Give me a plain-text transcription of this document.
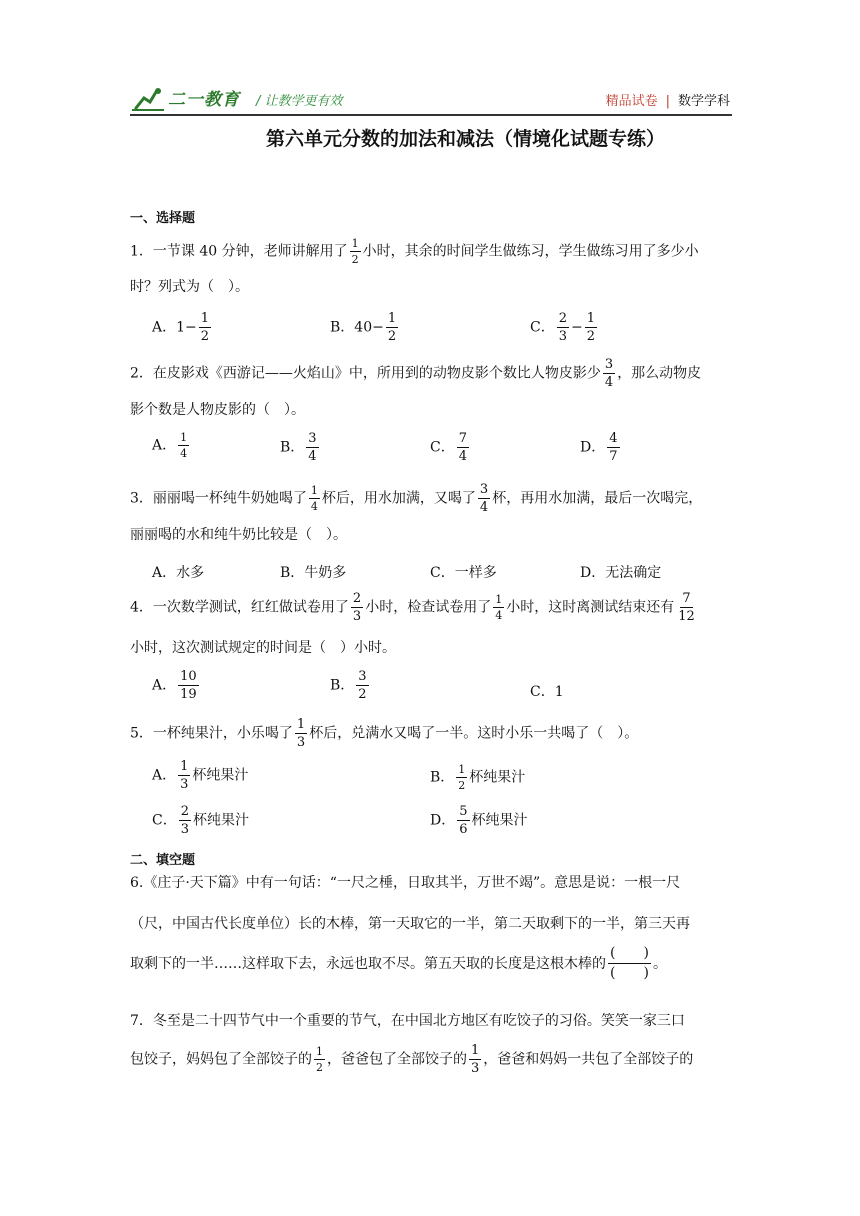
二一教育 / 让教学更有效	精品试卷 | 数学学科
第六单元分数的加法和减法（情境化试题专练）
一、选择题
1．一节课 40 分钟，老师讲解用了 $\frac{1}{2}$ 小时，其余的时间学生做练习，学生做练习用了多少小
时？列式为（　）。
A．$1- \frac{1}{2}$	B．$40- \frac{1}{2}$	C． $\frac{2}{3} - \frac{1}{2}$
2．在皮影戏《西游记——火焰山》中，所用到的动物皮影个数比人物皮影少 $\frac{3}{4}$ ，那么动物皮
影个数是人物皮影的（　）。
A． $\frac{1}{4}$	B． $\frac{3}{4}$	C． $\frac{7}{4}$	D． $\frac{4}{7}$
3．丽丽喝一杯纯牛奶她喝了 $\frac{1}{4}$ 杯后，用水加满，又喝了 $\frac{3}{4}$ 杯，再用水加满，最后一次喝完，
丽丽喝的水和纯牛奶比较是（　）。
A．水多	B．牛奶多	C．一样多	D．无法确定
4．一次数学测试，红红做试卷用了 $\frac{2}{3}$ 小时，检查试卷用了 $\frac{1}{4}$ 小时，这时离测试结束还有 $\frac{7}{12}$
小时，这次测试规定的时间是（　）小时。
A． $\frac{10}{19}$	B． $\frac{3}{2}$	C．1
5．一杯纯果汁，小乐喝了 $\frac{1}{3}$ 杯后，兑满水又喝了一半。这时小乐一共喝了（　）。
A． $\frac{1}{3}$ 杯纯果汁	B． $\frac{1}{2}$ 杯纯果汁
C． $\frac{2}{3}$ 杯纯果汁	D． $\frac{5}{6}$ 杯纯果汁
二、填空题
6.《庄子·天下篇》中有一句话：“一尺之棰，日取其半，万世不竭”。意思是说：一根一尺
（尺，中国古代长度单位）长的木棒，第一天取它的一半，第二天取剩下的一半，第三天再
取剩下的一半……这样取下去，永远也取不尽。第五天取的长度是这根木棒的 $\frac{( )}{( )}$ 。
7．冬至是二十四节气中一个重要的节气，在中国北方地区有吃饺子的习俗。笑笑一家三口
包饺子，妈妈包了全部饺子的 $\frac{1}{2}$ ，爸爸包了全部饺子的 $\frac{1}{3}$ ，爸爸和妈妈一共包了全部饺子的
